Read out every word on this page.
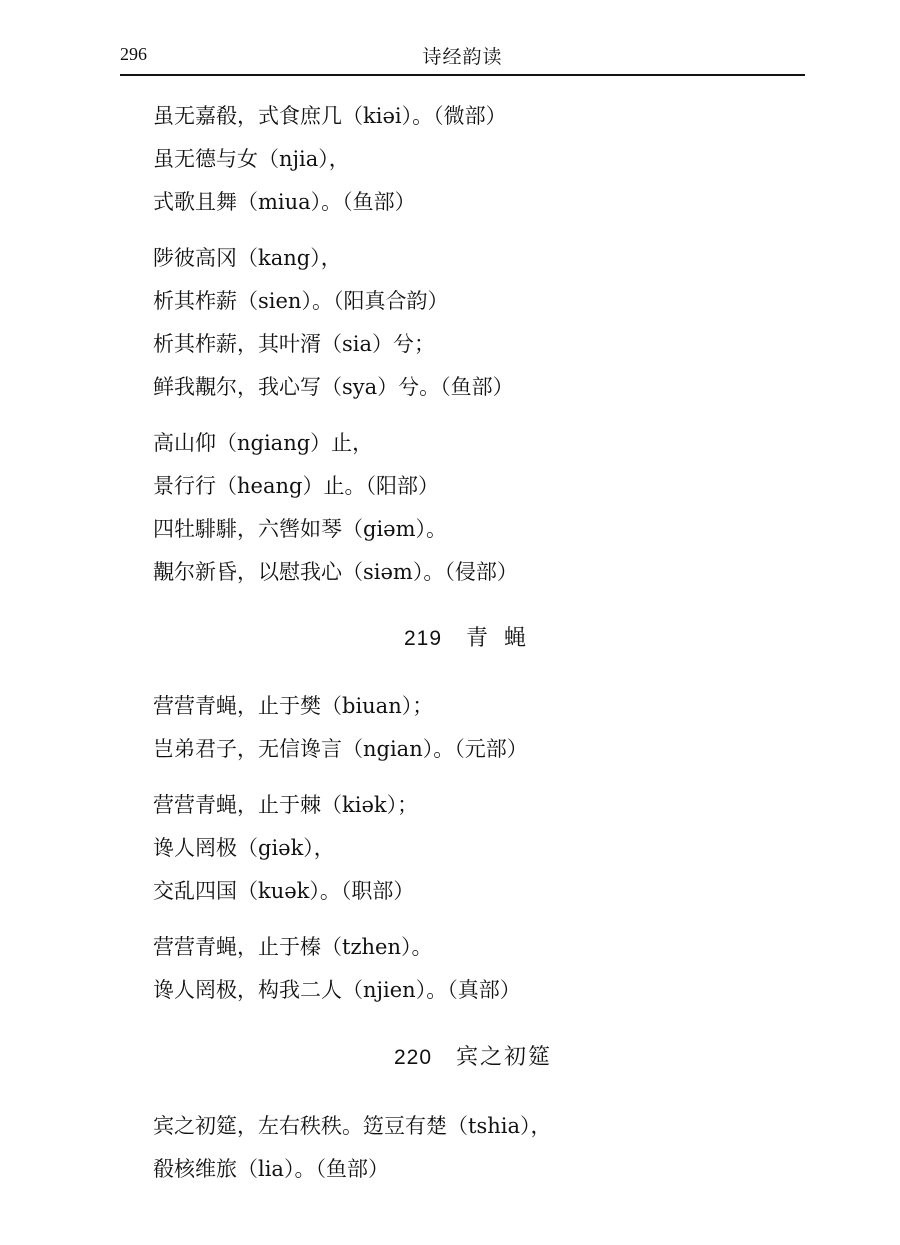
296	诗经韵读
虽无嘉殽，式食庶几（kiəi）。（微部）
虽无德与女（njia），
式歌且舞（miua）。（鱼部）
陟彼高冈（kang），
析其柞薪（sien）。（阳真合韵）
析其柞薪，其叶湑（sia）兮；
鲜我覯尔，我心写（sya）兮。（鱼部）
高山仰（ngiang）止，
景行行（heang）止。（阳部）
四牡騑騑，六辔如琴（giəm）。
覯尔新昏，以慰我心（siəm）。（侵部）
219 青蝇
营营青蝇，止于樊（biuan）；
岂弟君子，无信谗言（ngian）。（元部）
营营青蝇，止于棘（kiək）；
谗人罔极（giək），
交乱四国（kuək）。（职部）
营营青蝇，止于榛（tzhen）。
谗人罔极，构我二人（njien）。（真部）
220 宾之初筵
宾之初筵，左右秩秩。笾豆有楚（tshia），
殽核维旅（lia）。（鱼部）
